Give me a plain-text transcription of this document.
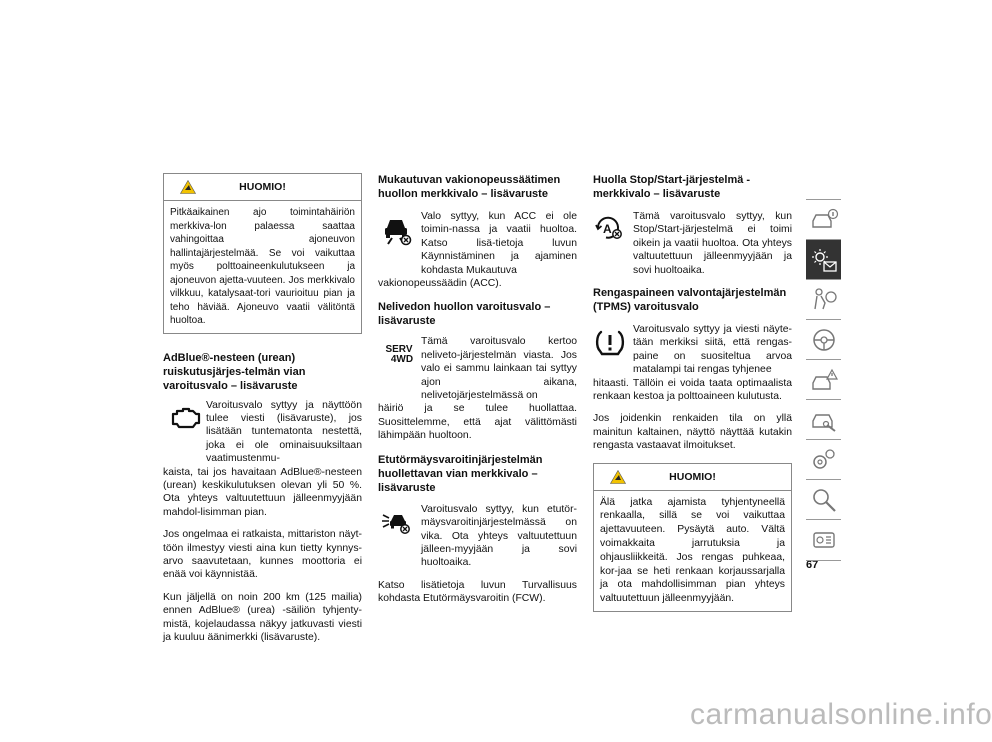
HUOMIO!
Pitkäaikainen ajo toimintahäiriön merkkiva-lon palaessa saattaa vahingoittaa ajoneuvon hallintajärjestelmää. Se voi vaikuttaa myös polttoaineenkulutukseen ja ajoneuvon ajetta-vuuteen. Jos merkkivalo vilkkuu, katalysaat-tori vaurioituu pian ja teho häviää. Ajoneuvo vaatii välitöntä huoltoa.
AdBlue®-nesteen (urean) ruiskutusjärjes-telmän vian varoitusvalo – lisävaruste

Varoitusvalo syttyy ja näyttöön tulee viesti (lisävaruste), jos lisätään tuntematonta nestettä, joka ei ole ominaisuuksiltaan vaatimustenmu-

kaista, tai jos havaitaan AdBlue®-nesteen (urean) keskikulutuksen olevan yli 50 %. Ota yhteys valtuutettuun jälleenmyyjään mahdol-lisimman pian.

Jos ongelmaa ei ratkaista, mittariston näyt-töön ilmestyy viesti aina kun tietty kynnys-arvo saavutetaan, kunnes moottoria ei enää voi käynnistää.

Kun jäljellä on noin 200 km (125 mailia) ennen AdBlue® (urea) -säiliön tyhjenty-mistä, kojelaudassa näkyy jatkuvasti viesti ja kuuluu äänimerkki (lisävaruste).

Mukautuvan vakionopeussäätimen huollon merkkivalo – lisävaruste

Valo syttyy, kun ACC ei ole toimin-nassa ja vaatii huoltoa. Katso lisä-tietoja luvun Käynnistäminen ja ajaminen kohdasta Mukautuva

vakionopeussäädin (ACC).

Nelivedon huollon varoitusvalo – lisävaruste
SERV
4WD

Tämä varoitusvalo kertoo neliveto-järjestelmän viasta. Jos valo ei sammu lainkaan tai syttyy ajon aikana, nelivetojärjestelmässä on

häiriö ja se tulee huollattaa. Suosittelemme, että ajat välittömästi lähimpään huoltoon.

Etutörmäysvaroitinjärjestelmän huollettavan vian merkkivalo – lisävaruste

Varoitusvalo syttyy, kun etutör-mäysvaroitinjärjestelmässä on vika. Ota yhteys valtuutettuun jälleen-myyjään ja sovi huoltoaika.

Katso lisätietoja luvun Turvallisuus kohdasta Etutörmäysvaroitin (FCW).

Huolla Stop/Start-järjestelmä -merkkivalo – lisävaruste
A

Tämä varoitusvalo syttyy, kun Stop/Start-järjestelmä ei toimi oikein ja vaatii huoltoa. Ota yhteys valtuutettuun jälleenmyyjään ja sovi huoltoaika.

Rengaspaineen valvontajärjestelmän (TPMS) varoitusvalo

Varoitusvalo syttyy ja viesti näyte-tään merkiksi siitä, että rengas-paine on suositeltua arvoa matalampi tai rengas tyhjenee

hitaasti. Tällöin ei voida taata optimaalista renkaan kestoa ja polttoaineen kulutusta.

Jos joidenkin renkaiden tila on yllä mainitun kaltainen, näyttö näyttää kutakin rengasta vastaavat ilmoitukset.

HUOMIO!
Älä jatka ajamista tyhjentyneellä renkaalla, sillä se voi vaikuttaa ajettavuuteen. Pysäytä auto. Vältä voimakkaita jarrutuksia ja ohjausliikkeitä. Jos rengas puhkeaa, kor-jaa se heti renkaan korjaussarjalla ja ota mahdollisimman pian yhteys valtuutettuun jälleenmyyjään.
67
carmanualsonline.info
